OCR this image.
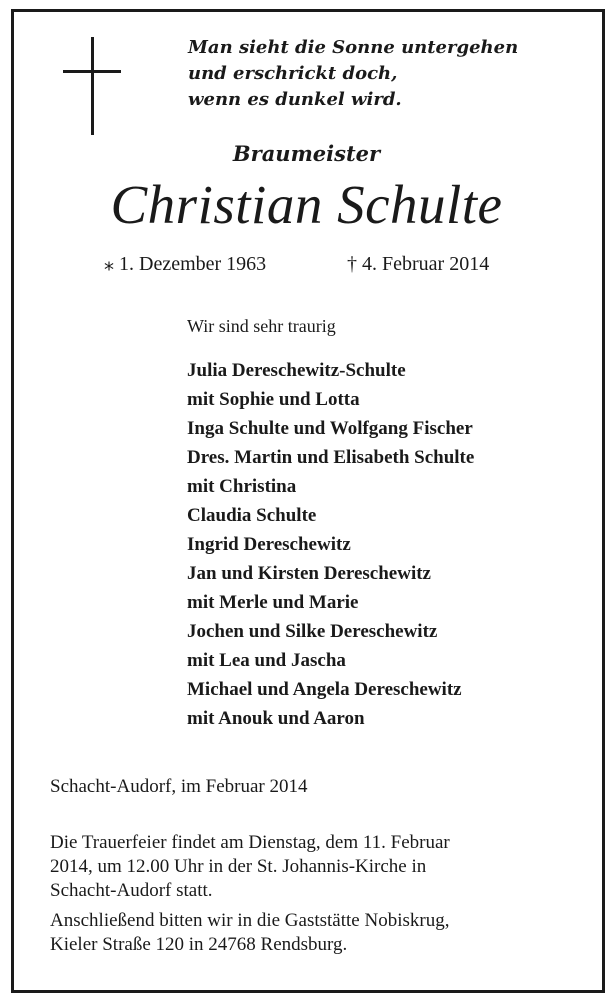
Man sieht die Sonne untergehen
und erschrickt doch,
wenn es dunkel wird.
Braumeister
Christian Schulte
⁎ 1. Dezember 1963	† 4. Februar 2014
Wir sind sehr traurig
Julia Dereschewitz-Schulte
mit Sophie und Lotta
Inga Schulte und Wolfgang Fischer
Dres. Martin und Elisabeth Schulte
mit Christina
Claudia Schulte
Ingrid Dereschewitz
Jan und Kirsten Dereschewitz
mit Merle und Marie
Jochen und Silke Dereschewitz
mit Lea und Jascha
Michael und Angela Dereschewitz
mit Anouk und Aaron
Schacht-Audorf, im Februar 2014
Die Trauerfeier findet am Dienstag, dem 11. Februar
2014, um 12.00 Uhr in der St. Johannis-Kirche in
Schacht-Audorf statt.
Anschließend bitten wir in die Gaststätte Nobiskrug,
Kieler Straße 120 in 24768 Rendsburg.
